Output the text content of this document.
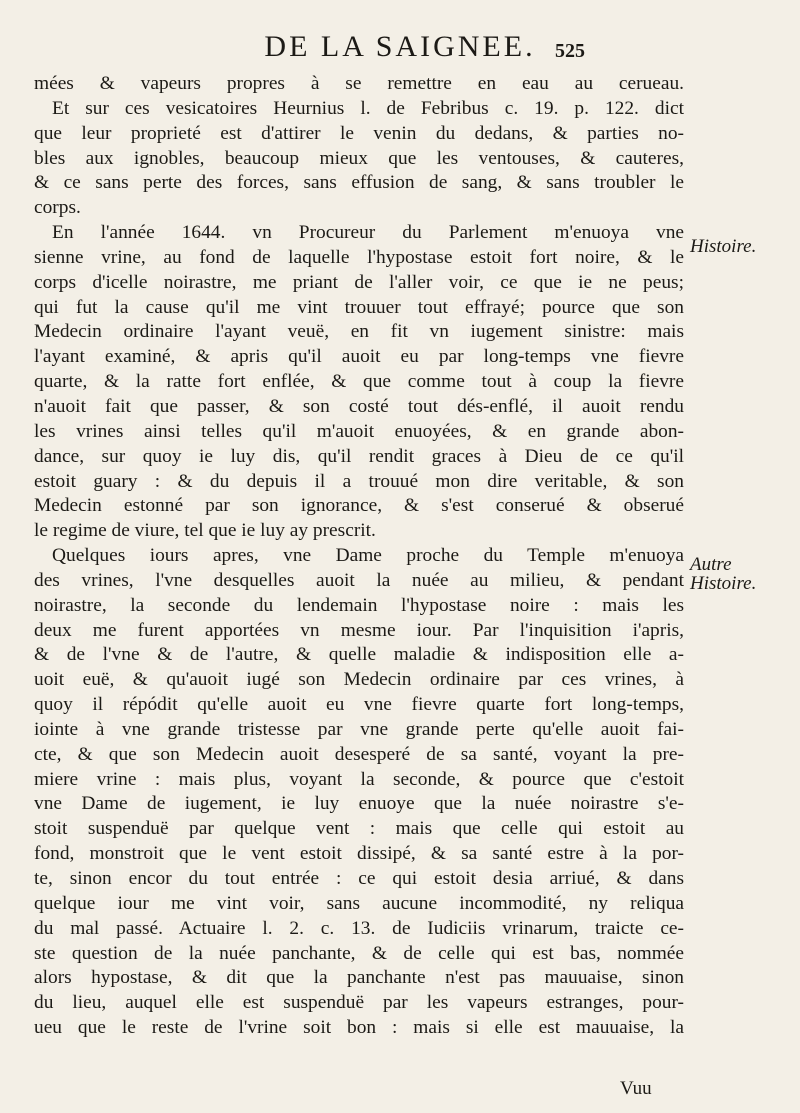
DE LA SAIGNEE. 525
mées & vapeurs propres à se remettre en eau au cerueau.
Et sur ces vesicatoires Heurnius l. de Febribus c. 19. p. 122. dict
que leur proprieté est d'attirer le venin du dedans, & parties no-
bles aux ignobles, beaucoup mieux que les ventouses, & cauteres,
& ce sans perte des forces, sans effusion de sang, & sans troubler le
corps.
En l'année 1644. vn Procureur du Parlement m'enuoya vne
sienne vrine, au fond de laquelle l'hypostase estoit fort noire, & le
corps d'icelle noirastre, me priant de l'aller voir, ce que ie ne peus;
qui fut la cause qu'il me vint trouuer tout effrayé; pource que son
Medecin ordinaire l'ayant veuë, en fit vn iugement sinistre: mais
l'ayant examiné, & apris qu'il auoit eu par long-temps vne fievre
quarte, & la ratte fort enflée, & que comme tout à coup la fievre
n'auoit fait que passer, & son costé tout dés-enflé, il auoit rendu
les vrines ainsi telles qu'il m'auoit enuoyées, & en grande abon-
dance, sur quoy ie luy dis, qu'il rendit graces à Dieu de ce qu'il
estoit guary : & du depuis il a trouué mon dire veritable, & son
Medecin estonné par son ignorance, & s'est conserué & obserué
le regime de viure, tel que ie luy ay prescrit.
Quelques iours apres, vne Dame proche du Temple m'enuoya
des vrines, l'vne desquelles auoit la nuée au milieu, & pendant
noirastre, la seconde du lendemain l'hypostase noire : mais les
deux me furent apportées vn mesme iour. Par l'inquisition i'apris,
& de l'vne & de l'autre, & quelle maladie & indisposition elle a-
uoit euë, & qu'auoit iugé son Medecin ordinaire par ces vrines, à
quoy il répódit qu'elle auoit eu vne fievre quarte fort long-temps,
iointe à vne grande tristesse par vne grande perte qu'elle auoit fai-
cte, & que son Medecin auoit desesperé de sa santé, voyant la pre-
miere vrine : mais plus, voyant la seconde, & pource que c'estoit
vne Dame de iugement, ie luy enuoye que la nuée noirastre s'e-
stoit suspenduë par quelque vent : mais que celle qui estoit au
fond, monstroit que le vent estoit dissipé, & sa santé estre à la por-
te, sinon encor du tout entrée : ce qui estoit desia arriué, & dans
quelque iour me vint voir, sans aucune incommodité, ny reliqua
du mal passé. Actuaire l. 2. c. 13. de Iudiciis vrinarum, traicte ce-
ste question de la nuée panchante, & de celle qui est bas, nommée
alors hypostase, & dit que la panchante n'est pas mauuaise, sinon
du lieu, auquel elle est suspenduë par les vapeurs estranges, pour-
ueu que le reste de l'vrine soit bon : mais si elle est mauuaise, la
Histoire.
Autre Histoire.
Vuu
